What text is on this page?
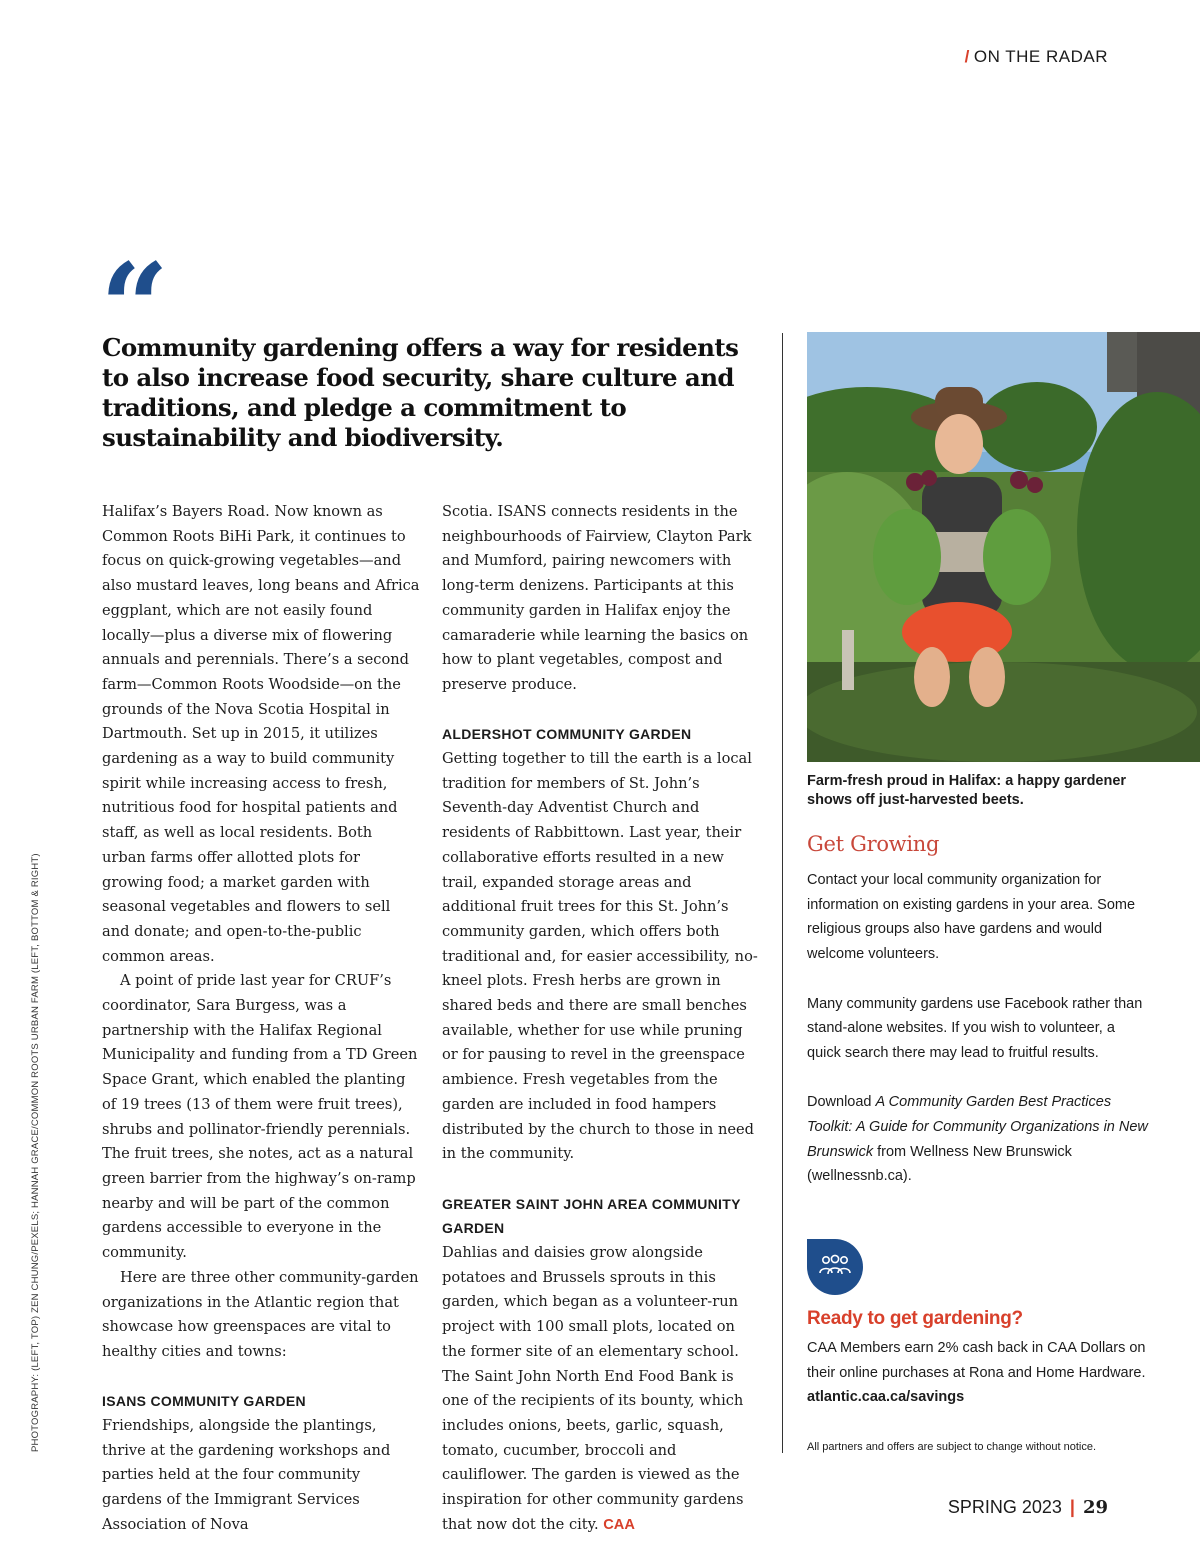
/ ON THE RADAR
“
Community gardening offers a way for residents to also increase food security, share culture and traditions, and pledge a commitment to sustainability and biodiversity.
PHOTOGRAPHY: (LEFT, TOP) ZEN CHUNG/PEXELS; HANNAH GRACE/COMMON ROOTS URBAN FARM (LEFT, BOTTOM & RIGHT)

Halifax’s Bayers Road. Now known as Common Roots BiHi Park, it continues to focus on quick-growing vegetables—and also mustard leaves, long beans and Africa eggplant, which are not easily found locally—plus a diverse mix of flowering annuals and perennials. There’s a second farm—Common Roots Woodside—on the grounds of the Nova Scotia Hospital in Dartmouth. Set up in 2015, it utilizes gardening as a way to build community spirit while increasing access to fresh, nutritious food for hospital patients and staff, as well as local residents. Both urban farms offer allotted plots for growing food; a market garden with seasonal vegetables and flowers to sell and donate; and open-to-the-public common areas.

A point of pride last year for CRUF’s coordinator, Sara Burgess, was a partnership with the Halifax Regional Municipality and funding from a TD Green Space Grant, which enabled the planting of 19 trees (13 of them were fruit trees), shrubs and pollinator-friendly perennials. The fruit trees, she notes, act as a natural green barrier from the highway’s on-ramp nearby and will be part of the common gardens accessible to everyone in the community.

Here are three other community-garden organizations in the Atlantic region that showcase how greenspaces are vital to healthy cities and towns:

ISANS COMMUNITY GARDEN

Friendships, alongside the plantings, thrive at the gardening workshops and parties held at the four community gardens of the Immigrant Services Association of Nova

Scotia. ISANS connects residents in the neighbourhoods of Fairview, Clayton Park and Mumford, pairing newcomers with long-term denizens. Participants at this community garden in Halifax enjoy the camaraderie while learning the basics on how to plant vegetables, compost and preserve produce.

ALDERSHOT COMMUNITY GARDEN

Getting together to till the earth is a local tradition for members of St. John’s Seventh-day Adventist Church and residents of Rabbittown. Last year, their collaborative efforts resulted in a new trail, expanded storage areas and additional fruit trees for this St. John’s community garden, which offers both traditional and, for easier accessibility, no-kneel plots. Fresh herbs are grown in shared beds and there are small benches available, whether for use while pruning or for pausing to revel in the greenspace ambience. Fresh vegetables from the garden are included in food hampers distributed by the church to those in need in the community.

GREATER SAINT JOHN AREA COMMUNITY GARDEN

Dahlias and daisies grow alongside potatoes and Brussels sprouts in this garden, which began as a volunteer-run project with 100 small plots, located on the former site of an elementary school. The Saint John North End Food Bank is one of the recipients of its bounty, which includes onions, beets, garlic, squash, tomato, cucumber, broccoli and cauliflower. The garden is viewed as the inspiration for other community gardens that now dot the city. CAA

Farm-fresh proud in Halifax: a happy gardener shows off just-harvested beets.
Get Growing

Contact your local community organization for information on existing gardens in your area. Some religious groups also have gardens and would welcome volunteers.

Many community gardens use Facebook rather than stand-alone websites. If you wish to volunteer, a quick search there may lead to fruitful results.

Download A Community Garden Best Practices Toolkit: A Guide for Community Organizations in New Brunswick from Wellness New Brunswick (wellnessnb.ca).

Ready to get gardening?

CAA Members earn 2% cash back in CAA Dollars on their online purchases at Rona and Home Hardware.

atlantic.caa.ca/savings

All partners and offers are subject to change without notice.
SPRING 2023 | 29
